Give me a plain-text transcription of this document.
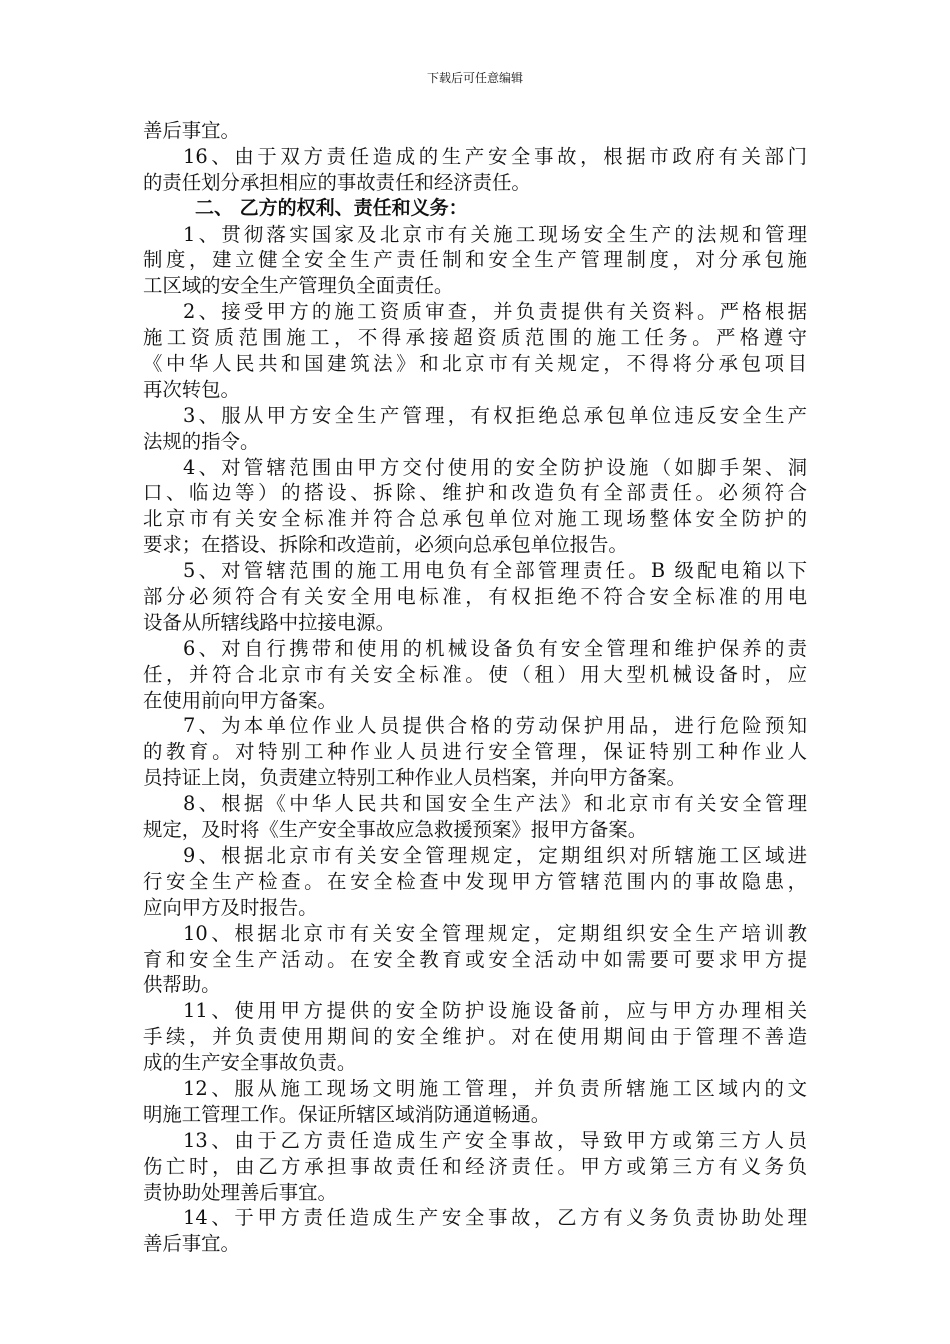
下载后可任意编辑
善后事宜。
16、由于双方责任造成的生产安全事故，根据市政府有关部门
的责任划分承担相应的事故责任和经济责任。
二、 乙方的权利、责任和义务：
1、贯彻落实国家及北京市有关施工现场安全生产的法规和管理
制度，建立健全安全生产责任制和安全生产管理制度，对分承包施
工区域的安全生产管理负全面责任。
2、接受甲方的施工资质审查，并负责提供有关资料。严格根据
施工资质范围施工，不得承接超资质范围的施工任务。严格遵守
《中华人民共和国建筑法》和北京市有关规定，不得将分承包项目
再次转包。
3、服从甲方安全生产管理，有权拒绝总承包单位违反安全生产
法规的指令。
4、对管辖范围由甲方交付使用的安全防护设施（如脚手架、洞
口、临边等）的搭设、拆除、维护和改造负有全部责任。必须符合
北京市有关安全标准并符合总承包单位对施工现场整体安全防护的
要求；在搭设、拆除和改造前，必须向总承包单位报告。
5、对管辖范围的施工用电负有全部管理责任。B 级配电箱以下
部分必须符合有关安全用电标准，有权拒绝不符合安全标准的用电
设备从所辖线路中拉接电源。
6、对自行携带和使用的机械设备负有安全管理和维护保养的责
任，并符合北京市有关安全标准。使（租）用大型机械设备时，应
在使用前向甲方备案。
7、为本单位作业人员提供合格的劳动保护用品，进行危险预知
的教育。对特别工种作业人员进行安全管理，保证特别工种作业人
员持证上岗，负责建立特别工种作业人员档案，并向甲方备案。
8、根据《中华人民共和国安全生产法》和北京市有关安全管理
规定，及时将《生产安全事故应急救援预案》报甲方备案。
9、根据北京市有关安全管理规定，定期组织对所辖施工区域进
行安全生产检查。在安全检查中发现甲方管辖范围内的事故隐患，
应向甲方及时报告。
10、根据北京市有关安全管理规定，定期组织安全生产培训教
育和安全生产活动。在安全教育或安全活动中如需要可要求甲方提
供帮助。
11、使用甲方提供的安全防护设施设备前，应与甲方办理相关
手续，并负责使用期间的安全维护。对在使用期间由于管理不善造
成的生产安全事故负责。
12、服从施工现场文明施工管理，并负责所辖施工区域内的文
明施工管理工作。保证所辖区域消防通道畅通。
13、由于乙方责任造成生产安全事故，导致甲方或第三方人员
伤亡时，由乙方承担事故责任和经济责任。甲方或第三方有义务负
责协助处理善后事宜。
14、于甲方责任造成生产安全事故，乙方有义务负责协助处理
善后事宜。
